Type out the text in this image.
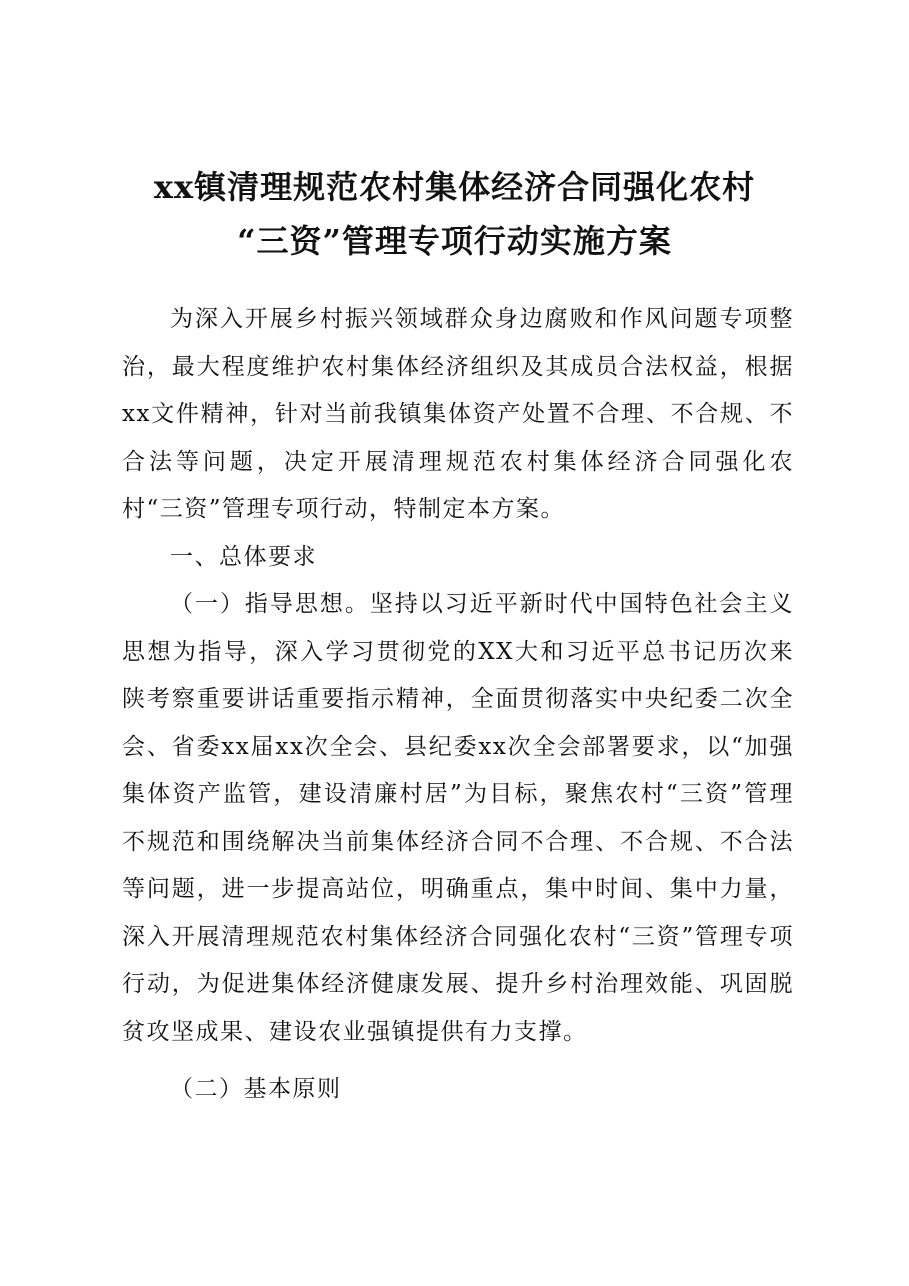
xx镇清理规范农村集体经济合同强化农村
“三资”管理专项行动实施方案

为深入开展乡村振兴领域群众身边腐败和作风问题专项整治，最大程度维护农村集体经济组织及其成员合法权益，根据xx文件精神，针对当前我镇集体资产处置不合理、不合规、不合法等问题，决定开展清理规范农村集体经济合同强化农村“三资”管理专项行动，特制定本方案。

一、总体要求

（一）指导思想。坚持以习近平新时代中国特色社会主义思想为指导，深入学习贯彻党的XX大和习近平总书记历次来陕考察重要讲话重要指示精神，全面贯彻落实中央纪委二次全会、省委xx届xx次全会、县纪委xx次全会部署要求，以“加强集体资产监管，建设清廉村居”为目标，聚焦农村“三资”管理不规范和围绕解决当前集体经济合同不合理、不合规、不合法等问题，进一步提高站位，明确重点，集中时间、集中力量，深入开展清理规范农村集体经济合同强化农村“三资”管理专项行动，为促进集体经济健康发展、提升乡村治理效能、巩固脱贫攻坚成果、建设农业强镇提供有力支撑。

（二）基本原则
